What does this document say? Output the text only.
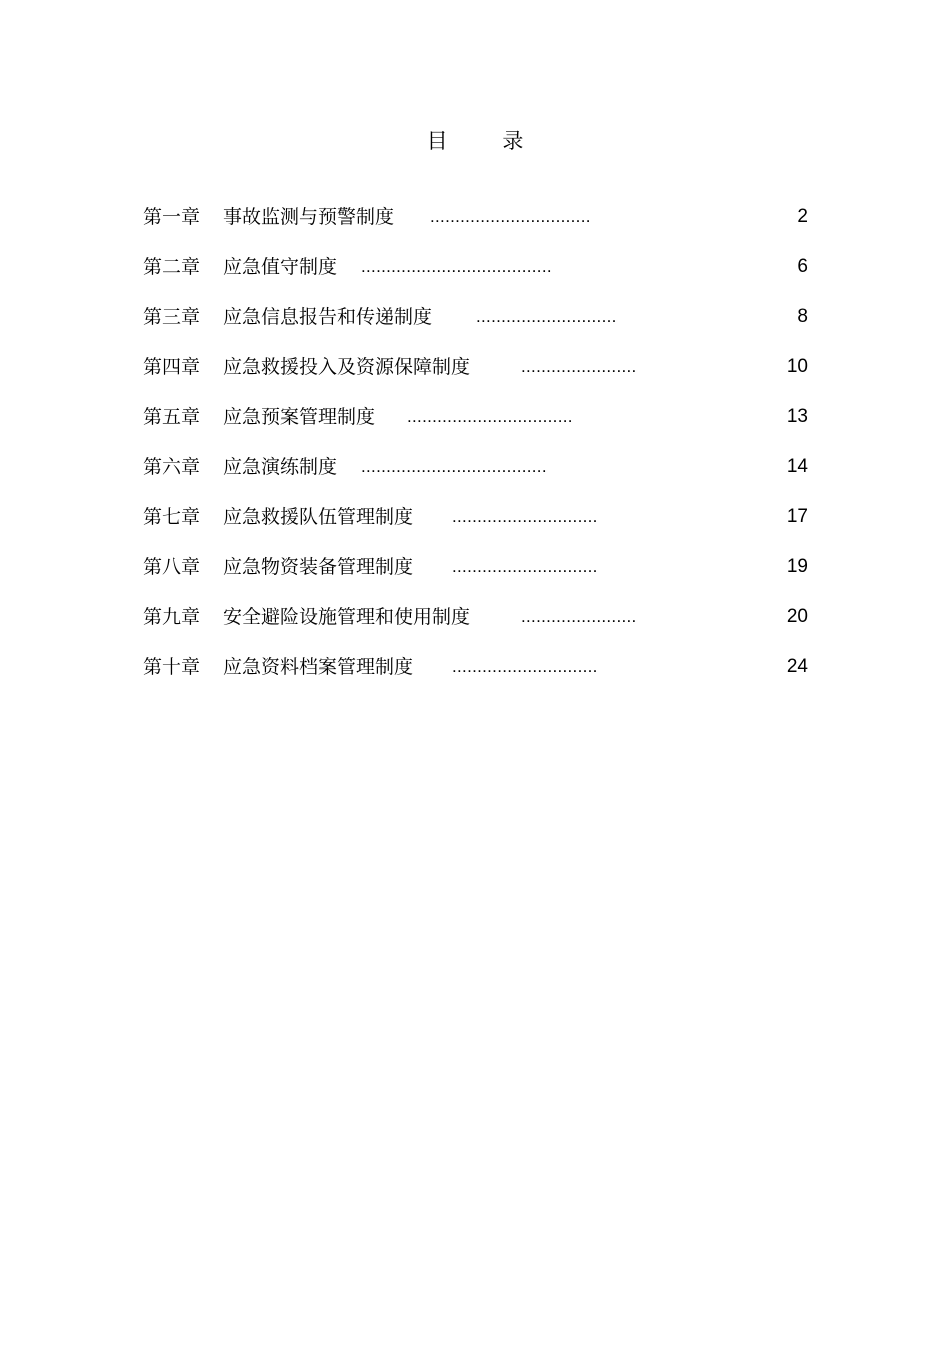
目 录
第一章 事故监测与预警制度 ................................	2
第二章 应急值守制度 ......................................	6
第三章 应急信息报告和传递制度	............................	8
第四章 应急救援投入及资源保障制度	.......................	10
第五章 应急预案管理制度 .................................	13
第六章 应急演练制度 .....................................	14
第七章 应急救援队伍管理制度 .............................	17
第八章 应急物资装备管理制度 .............................	19
第九章 安全避险设施管理和使用制度	.......................	20
第十章 应急资料档案管理制度 .............................	24
